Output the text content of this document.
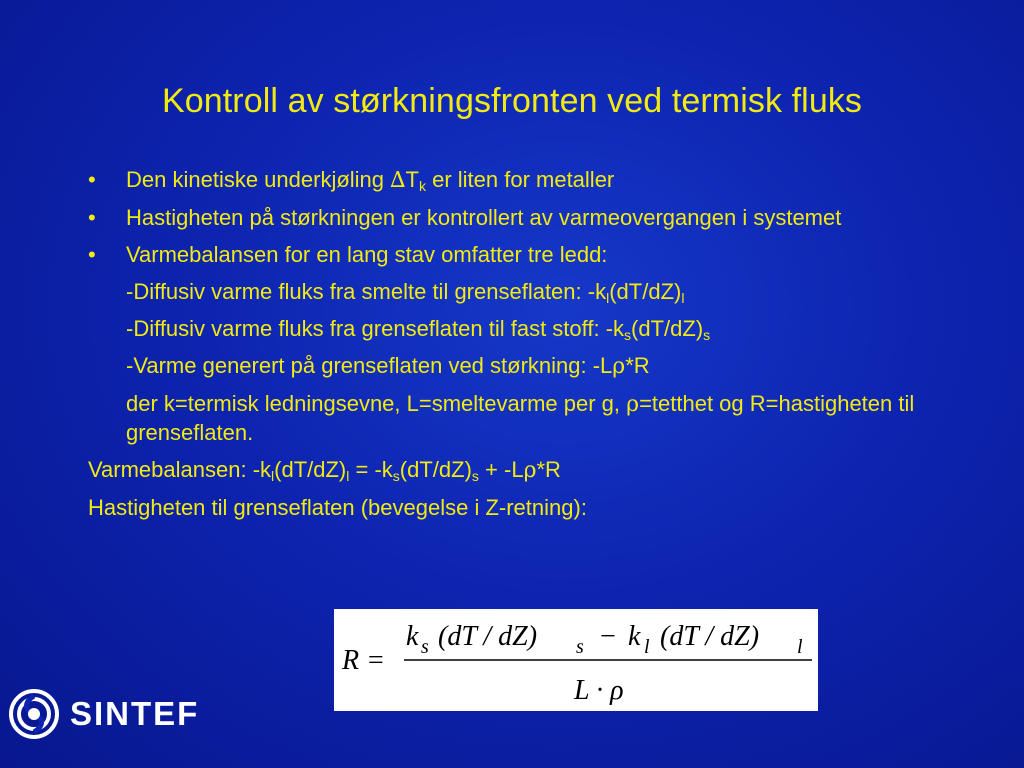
Kontroll av størkningsfronten ved termisk fluks
• Den kinetiske underkjøling $\Delta T_k$ er liten for metaller
• Hastigheten på størkningen er kontrollert av varmeovergangen i systemet
• Varmebalansen for en lang stav omfatter tre ledd:
-Diffusiv varme fluks fra smelte til grenseflaten: $-k_l(dT/dZ)_l$
-Diffusiv varme fluks fra grenseflaten til fast stoff: $-k_s(dT/dZ)_s$
-Varme generert på grenseflaten ved størkning: -Lρ*R
der k=termisk ledningsevne, L=smeltevarme per g, ρ=tetthet og R=hastigheten til grenseflaten.
Varmebalansen: $-k_l(dT/dZ)_l = -k_s(dT/dZ)_s + -L\rho*R$
Hastigheten til grenseflaten (bevegelse i Z-retning):
R =
k s (dT / dZ) s − k l (dT / dZ) l
L · ρ
SINTEF
